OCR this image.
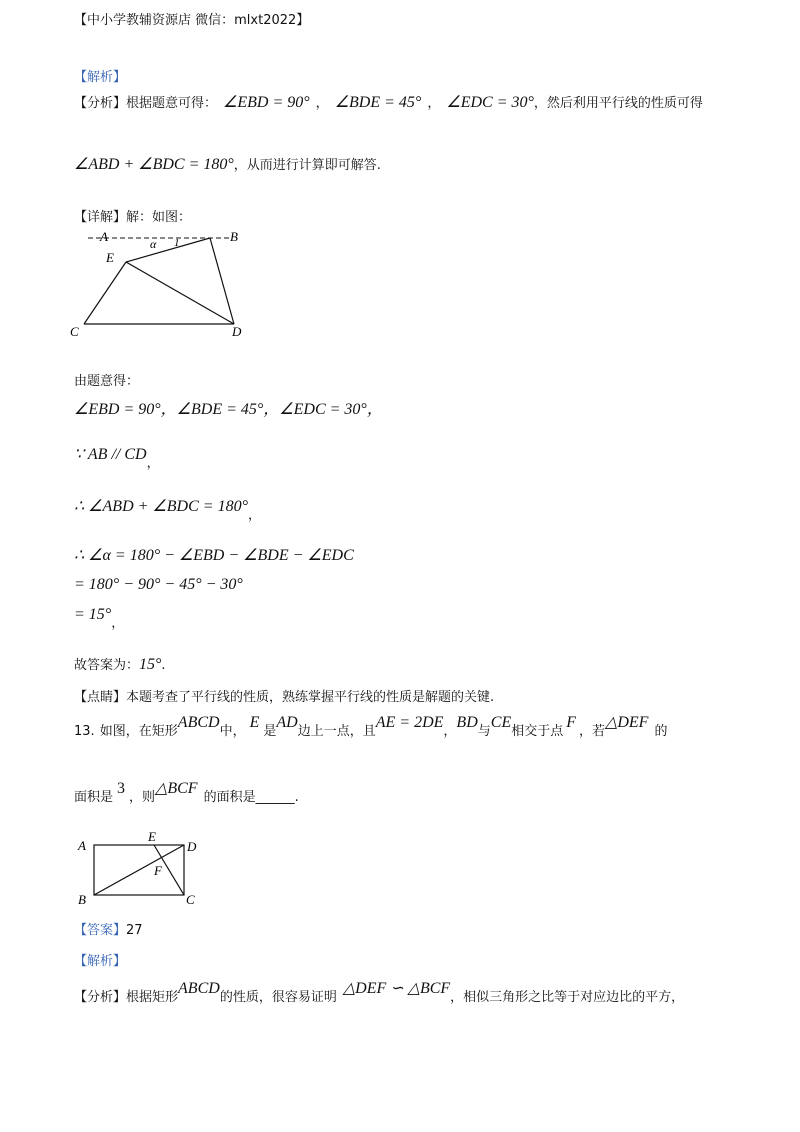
【中小学教辅资源店 微信：mlxt2022】
【解析】
【分析】根据题意可得： ∠EBD = 90° ， ∠BDE = 45° ， ∠EDC = 30°，然后利用平行线的性质可得
∠ABD + ∠BDC = 180°，从而进行计算即可解答.
【详解】解：如图：
A	B
E
C	D
α 1
由题意得：
∠EBD = 90°，∠BDE = 45°，∠EDC = 30°，
∵ AB // $CD_,$
∴ ∠ABD + ∠BDC = $180^\circ_,$
∴ ∠α = 180° − ∠EBD − ∠BDE − ∠EDC
= 180° − 90° − 45° − 30°
= $15^\circ_,$
故答案为：15°.
【点睛】本题考查了平行线的性质，熟练掌握平行线的性质是解题的关键.
13. 如图，在矩形ABCD中，E是AD边上一点，且AE = 2DE，BD与CE相交于点F，若△DEF的
面积是3，则△BCF的面积是______.
A
E
D
F
B	C
【答案】27
【解析】
【分析】根据矩形ABCD的性质，很容易证明△DEF ∽ △BCF，相似三角形之比等于对应边比的平方，
